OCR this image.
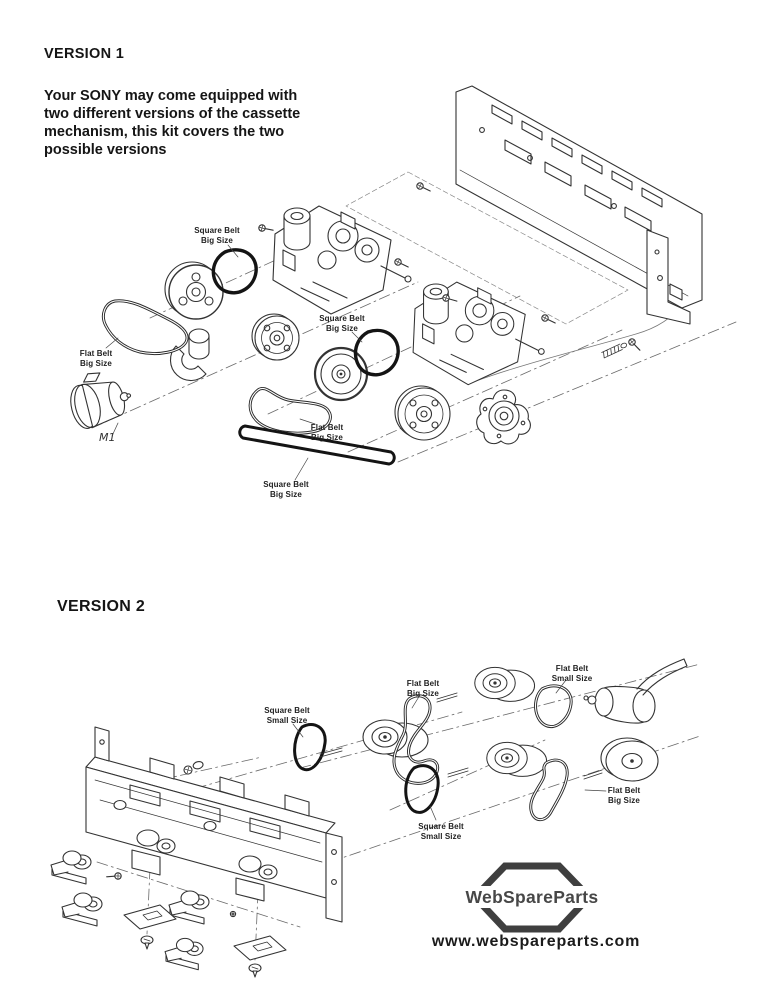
VERSION 1
Your SONY may come equipped with
two different versions of the cassette
mechanism, this kit covers the two
possible versions
VERSION 2
Square Belt
Big Size
Square Belt
Big Size
Flat Belt
Big Size
Flat Belt
Big Size
Square Belt
Big Size
M1
Square Belt
Small Size
Flat Belt
Big Size
Flat Belt
Small Size
Square Belt
Small Size
Flat Belt
Big Size
WebSpareParts
www.webspareparts.com
